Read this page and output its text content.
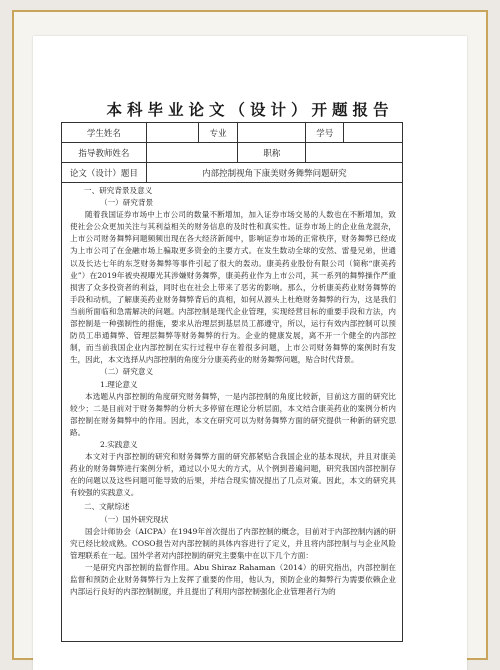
本科毕业论文（设计）开题报告
学生姓名		专业		学号	
指导教师姓名			职称		
论文（设计）题目	内部控制视角下康美财务舞弊问题研究				

一、研究背景及意义

（一）研究背景

随着我国证券市场中上市公司的数量不断增加，加入证券市场交易的人数也在不断增加，致使社会公众更加关注与其利益相关的财务信息的及时性和真实性。证券市场上的企业鱼龙混杂，上市公司财务舞弊问题频频出现在各大经济新闻中，影响证券市场的正常秩序，财务舞弊已经成为上市公司了在金融市场上骗取更多资金的主要方式。在发生数动全球的安然、雷曼兄弟，世通以及长达七年的东芝财务舞弊等事件引起了很大的轰动。康美药业股份有限公司（简称“康美药业”）在2019年被央视曝光其涉嫌财务舞弊，康美药业作为上市公司，其一系列的舞弊操作严重损害了众多投资者的利益，同时也在社会上带来了恶劣的影响。那么，分析康美药业财务舞弊的手段和动机，了解康美药业财务舞弊背后的真相，如何从源头上杜绝财务舞弊的行为，这是我们当前所面临和急需解决的问题。内部控制是现代企业管理，实现经营目标的重要手段和方法，内部控制是一种强制性的措施，要求从治理层到基层员工都遵守，所以，运行有效内部控制可以预防员工串通舞弊、管理层舞弊等财务舞弊的行为。企业的健康发展，离不开一个健全的内部控制，而当前我国企业内部控制在实行过程中存在着很多问题，上市公司财务舞弊的案例时有发生，因此，本文选择从内部控制的角度分分康美药业的财务舞弊问题，贴合时代背景。

（二）研究意义

1.理论意义

本选题从内部控制的角度研究财务舞弊，一是内部控制的角度比较新，目前这方面的研究比较少；二是目前对于财务舞弊的分析大多停留在理论分析层面，本文结合康美药业的案例分析内部控制在财务舞弊中的作用。因此，本文在研究可以为财务舞弊方面的研究提供一种新的研究思路。

2.实践意义

本文对于内部控制的研究和财务舞弊方面的研究都紧贴合我国企业的基本现状，并且对康美药业的财务舞弊进行案例分析，通过以小见大的方式，从个例到普遍问题，研究我国内部控制存在的问题以及这些问题可能导致的后果，并结合现实情况提出了几点对策。因此，本文的研究具有较强的实践意义。

二、文献综述

（一）国外研究现状

国会计师协会（AICPA）在1949年首次提出了内部控制的概念，目前对于内部控制内涵的研究已经比较成熟。COSO报告对内部控制的具体内容进行了定义，并且将内部控制与与企业风险管理联系在一起。国外学者对内部控制的研究主要集中在以下几个方面：

一是研究内部控制的监督作用。Abu Shiraz Rahaman（2014）的研究指出，内部控制在监督和预防企业财务舞弊行为上发挥了重要的作用，他认为，预防企业的舞弊行为需要依赖企业内部运行良好的内部控制制度，并且提出了利用内部控制强化企业管理者行为的
